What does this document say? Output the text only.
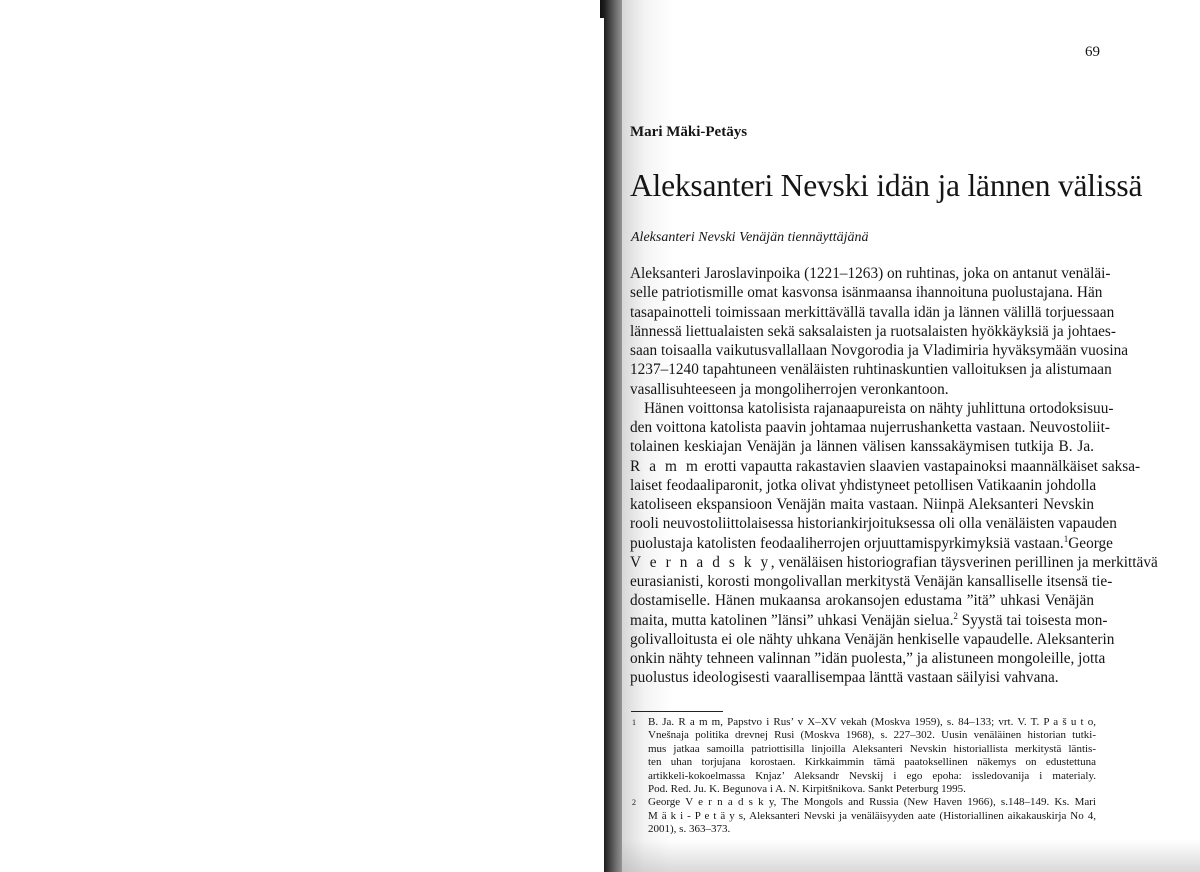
69
Mari Mäki-Petäys
Aleksanteri Nevski idän ja lännen välissä
Aleksanteri Nevski Venäjän tiennäyttäjänä
Aleksanteri Jaroslavinpoika (1221–1263) on ruhtinas, joka on antanut venäläi-
selle patriotismille omat kasvonsa isänmaansa ihannoituna puolustajana. Hän
tasapainotteli toimissaan merkittävällä tavalla idän ja lännen välillä torjuessaan
lännessä liettualaisten sekä saksalaisten ja ruotsalaisten hyökkäyksiä ja johtaes-
saan toisaalla vaikutusvallallaan Novgorodia ja Vladimiria hyväksymään vuosina
1237–1240 tapahtuneen venäläisten ruhtinaskuntien valloituksen ja alistumaan
vasallisuhteeseen ja mongoliherrojen veronkantoon.
Hänen voittonsa katolisista rajanaapureista on nähty juhlittuna ortodoksisuu-
den voittona katolista paavin johtamaa nujerrushanketta vastaan. Neuvostoliit-
tolainen keskiajan Venäjän ja lännen välisen kanssakäymisen tutkija B. Ja.
R a m m erotti vapautta rakastavien slaavien vastapainoksi maannälkäiset saksa-
laiset feodaaliparonit, jotka olivat yhdistyneet petollisen Vatikaanin johdolla
katoliseen ekspansioon Venäjän maita vastaan. Niinpä Aleksanteri Nevskin
rooli neuvostoliittolaisessa historiankirjoituksessa oli olla venäläisten vapauden
puolustaja katolisten feodaaliherrojen orjuuttamispyrkimyksiä vastaan.$^1$George
V e r n a d s k y, venäläisen historiografian täysverinen perillinen ja merkittävä
eurasianisti, korosti mongolivallan merkitystä Venäjän kansalliselle itsensä tie-
dostamiselle. Hänen mukaansa arokansojen edustama ”itä” uhkasi Venäjän
maita, mutta katolinen ”länsi” uhkasi Venäjän sielua.$^2$ Syystä tai toisesta mon-
golivalloitusta ei ole nähty uhkana Venäjän henkiselle vapaudelle. Aleksanterin
onkin nähty tehneen valinnan ”idän puolesta,” ja alistuneen mongoleille, jotta
puolustus ideologisesti vaarallisempaa länttä vastaan säilyisi vahvana.
1 B. Ja. R a m m, Papstvo i Rus’ v X–XV vekah (Moskva 1959), s. 84–133; vrt. V. T. P a š u t o,
Vnešnaja politika drevnej Rusi (Moskva 1968), s. 227–302. Uusin venäläinen historian tutki-
mus jatkaa samoilla patriottisilla linjoilla Aleksanteri Nevskin historiallista merkitystä läntis-
ten uhan torjujana korostaen. Kirkkaimmin tämä paatoksellinen näkemys on edustettuna
artikkeli-kokoelmassa Knjaz’ Aleksandr Nevskij i ego epoha: issledovanija i materialy.
Pod. Red. Ju. K. Begunova i A. N. Kirpitšnikova. Sankt Peterburg 1995.
2 George V e r n a d s k y, The Mongols and Russia (New Haven 1966), s.148–149. Ks. Mari
M ä k i - P e t ä y s, Aleksanteri Nevski ja venäläisyyden aate (Historiallinen aikakauskirja No 4,
2001), s. 363–373.
